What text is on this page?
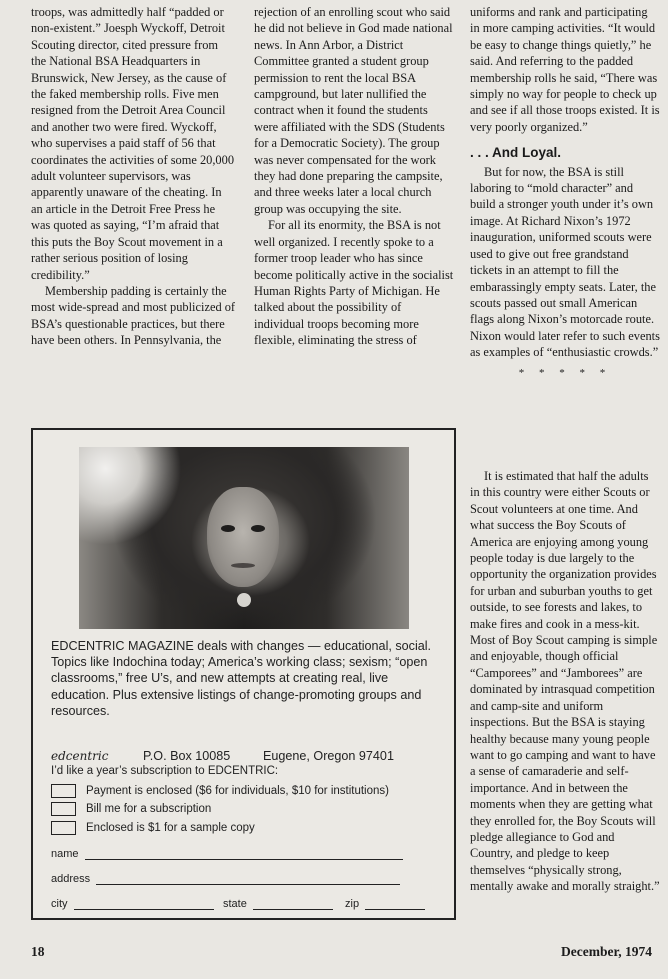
troops, was admittedly half “padded or non-existent.” Joesph Wyckoff, Detroit Scouting director, cited pressure from the National BSA Headquarters in Brunswick, New Jersey, as the cause of the faked membership rolls. Five men resigned from the Detroit Area Council and another two were fired. Wyckoff, who supervises a paid staff of 56 that coordinates the activities of some 20,000 adult volunteer supervisors, was apparently unaware of the cheating. In an article in the Detroit Free Press he was quoted as saying, “I’m afraid that this puts the Boy Scout movement in a rather serious position of losing credibility.”

Membership padding is certainly the most wide-spread and most publicized of BSA’s questionable practices, but there have been others. In Pennsylvania, the

rejection of an enrolling scout who said he did not believe in God made national news. In Ann Arbor, a District Committee granted a student group permission to rent the local BSA campground, but later nullified the contract when it found the students were affiliated with the SDS (Students for a Democratic Society). The group was never compensated for the work they had done preparing the campsite, and three weeks later a local church group was occupying the site.

For all its enormity, the BSA is not well organized. I recently spoke to a former troop leader who has since become politically active in the socialist Human Rights Party of Michigan. He talked about the possibility of individual troops becoming more flexible, eliminating the stress of

uniforms and rank and participating in more camping activities. “It would be easy to change things quietly,” he said. And referring to the padded membership rolls he said, “There was simply no way for people to check up and see if all those troops existed. It is very poorly organized.”

. . . And Loyal.

But for now, the BSA is still laboring to “mold character” and build a stronger youth under it’s own image. At Richard Nixon’s 1972 inauguration, uniformed scouts were used to give out free grandstand tickets in an attempt to fill the embarassingly empty seats. Later, the scouts passed out small American flags along Nixon’s motorcade route. Nixon would later refer to such events as examples of “enthusiastic crowds.”

* * * * *

It is estimated that half the adults in this country were either Scouts or Scout volunteers at one time. And what success the Boy Scouts of America are enjoying among young people today is due largely to the opportunity the organization provides for urban and suburban youths to get outside, to see forests and lakes, to make fires and cook in a mess-kit. Most of Boy Scout camping is simple and enjoyable, though official “Camporees” and “Jamborees” are dominated by intrasquad competition and camp-site and uniform inspections. But the BSA is staying healthy because many young people want to go camping and want to have a sense of camaraderie and self-importance. And in between the moments when they are getting what they enrolled for, the Boy Scouts will pledge allegiance to God and Country, and pledge to keep themselves “physically strong, mentally awake and morally straight.”

EDCENTRIC MAGAZINE deals with changes — educational, social.

Topics like Indochina today; America’s working class; sexism; “open classrooms,” free U’s, and new attempts at creating real, live education. Plus extensive listings of change-promoting groups and resources.

edcentric	P.O. Box 10085	Eugene, Oregon 97401
I’d like a year’s subscription to EDCENTRIC:
Payment is enclosed ($6 for individuals, $10 for institutions)
Bill me for a subscription
Enclosed is $1 for a sample copy
name
address
city	state	zip
18	December, 1974
